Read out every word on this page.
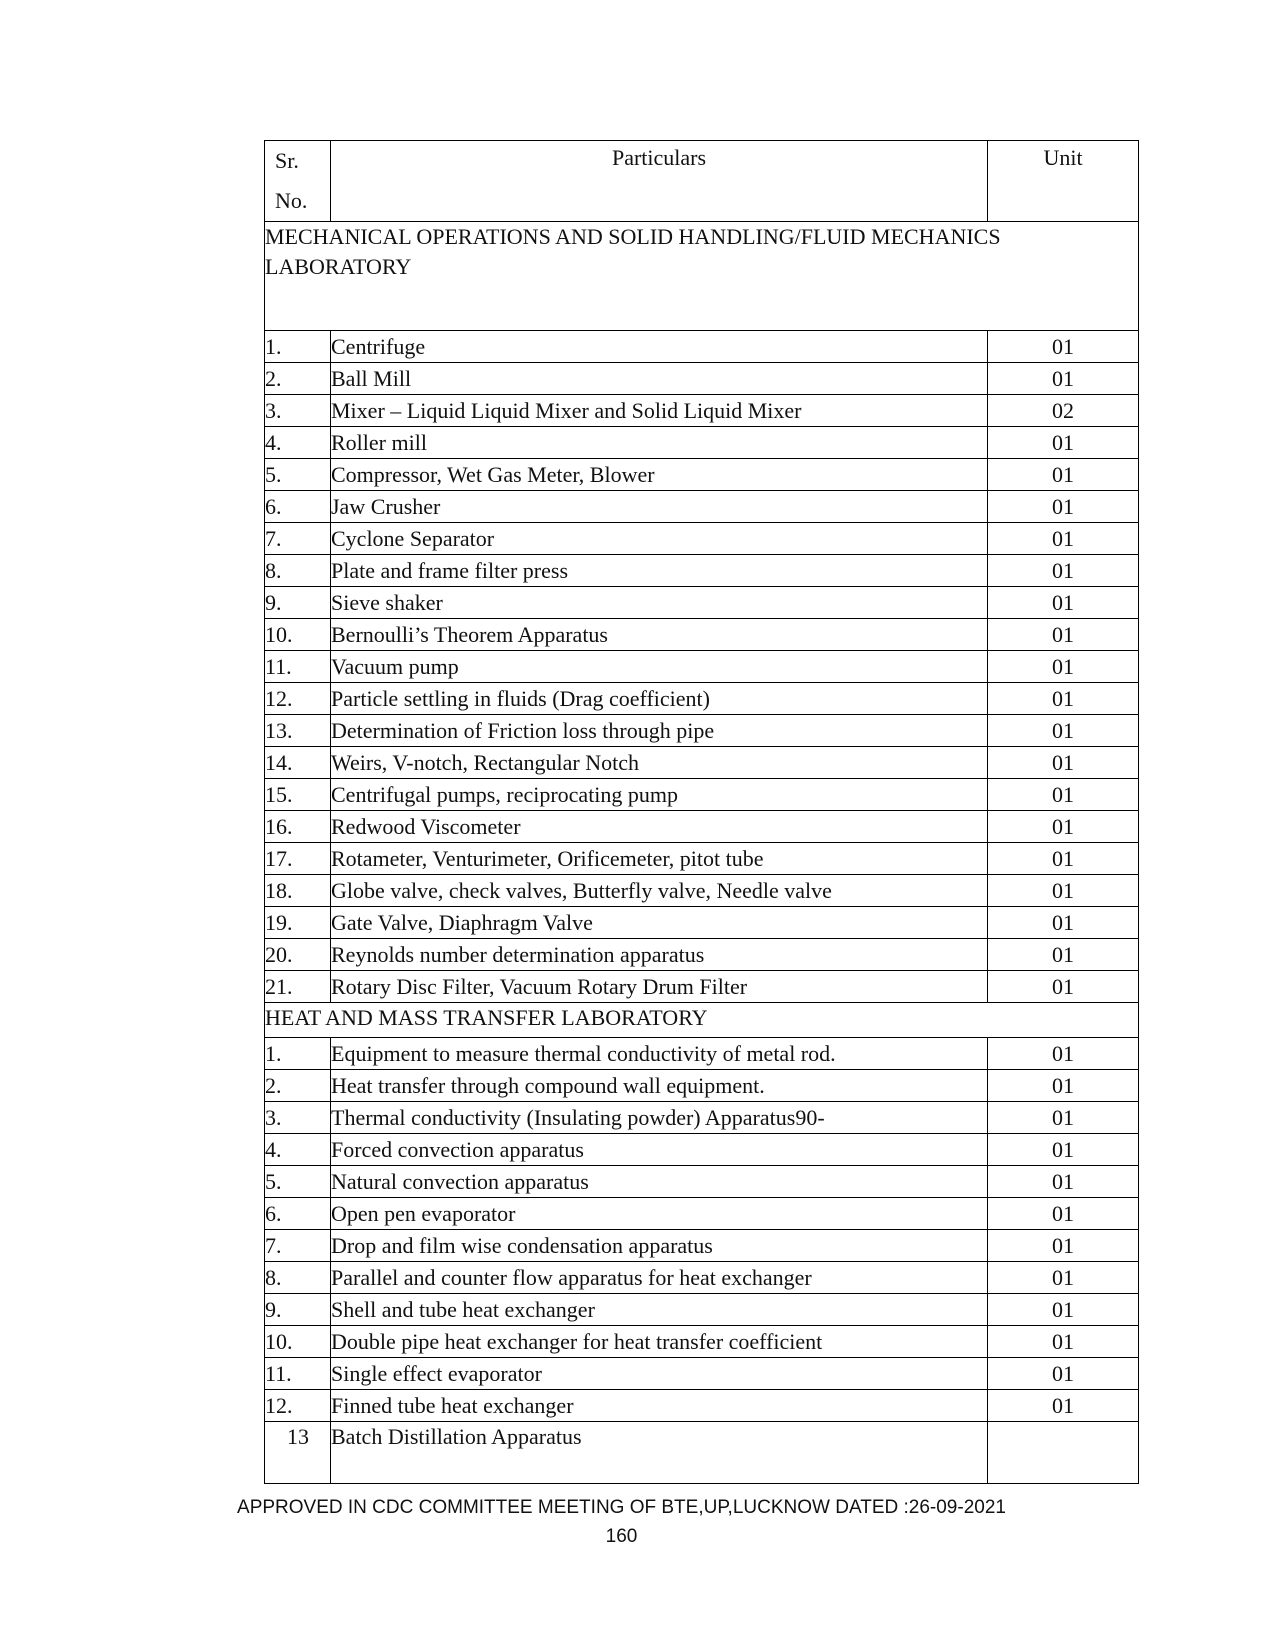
Sr.
No.	Particulars	Unit
MECHANICAL OPERATIONS AND SOLID HANDLING/FLUID MECHANICS LABORATORY		
1.	Centrifuge	01
2.	Ball Mill	01
3.	Mixer – Liquid Liquid Mixer and Solid Liquid Mixer	02
4.	Roller mill	01
5.	Compressor, Wet Gas Meter, Blower	01
6.	Jaw Crusher	01
7.	Cyclone Separator	01
8.	Plate and frame filter press	01
9.	Sieve shaker	01
10.	Bernoulli’s Theorem Apparatus	01
11.	Vacuum pump	01
12.	Particle settling in fluids (Drag coefficient)	01
13.	Determination of Friction loss through pipe	01
14.	Weirs, V-notch, Rectangular Notch	01
15.	Centrifugal pumps, reciprocating pump	01
16.	Redwood Viscometer	01
17.	Rotameter, Venturimeter, Orificemeter, pitot tube	01
18.	Globe valve, check valves, Butterfly valve, Needle valve	01
19.	Gate Valve, Diaphragm Valve	01
20.	Reynolds number determination apparatus	01
21.	Rotary Disc Filter, Vacuum Rotary Drum Filter	01
HEAT AND MASS TRANSFER LABORATORY		
1.	Equipment to measure thermal conductivity of metal rod.	01
2.	Heat transfer through compound wall equipment.	01
3.	Thermal conductivity (Insulating powder) Apparatus90-	01
4.	Forced convection apparatus	01
5.	Natural convection apparatus	01
6.	Open pen evaporator	01
7.	Drop and film wise condensation apparatus	01
8.	Parallel and counter flow apparatus for heat exchanger	01
9.	Shell and tube heat exchanger	01
10.	Double pipe heat exchanger for heat transfer coefficient	01
11.	Single effect evaporator	01
12.	Finned tube heat exchanger	01
13	Batch Distillation Apparatus	
APPROVED IN CDC COMMITTEE MEETING OF BTE,UP,LUCKNOW DATED :26-09-2021
160
